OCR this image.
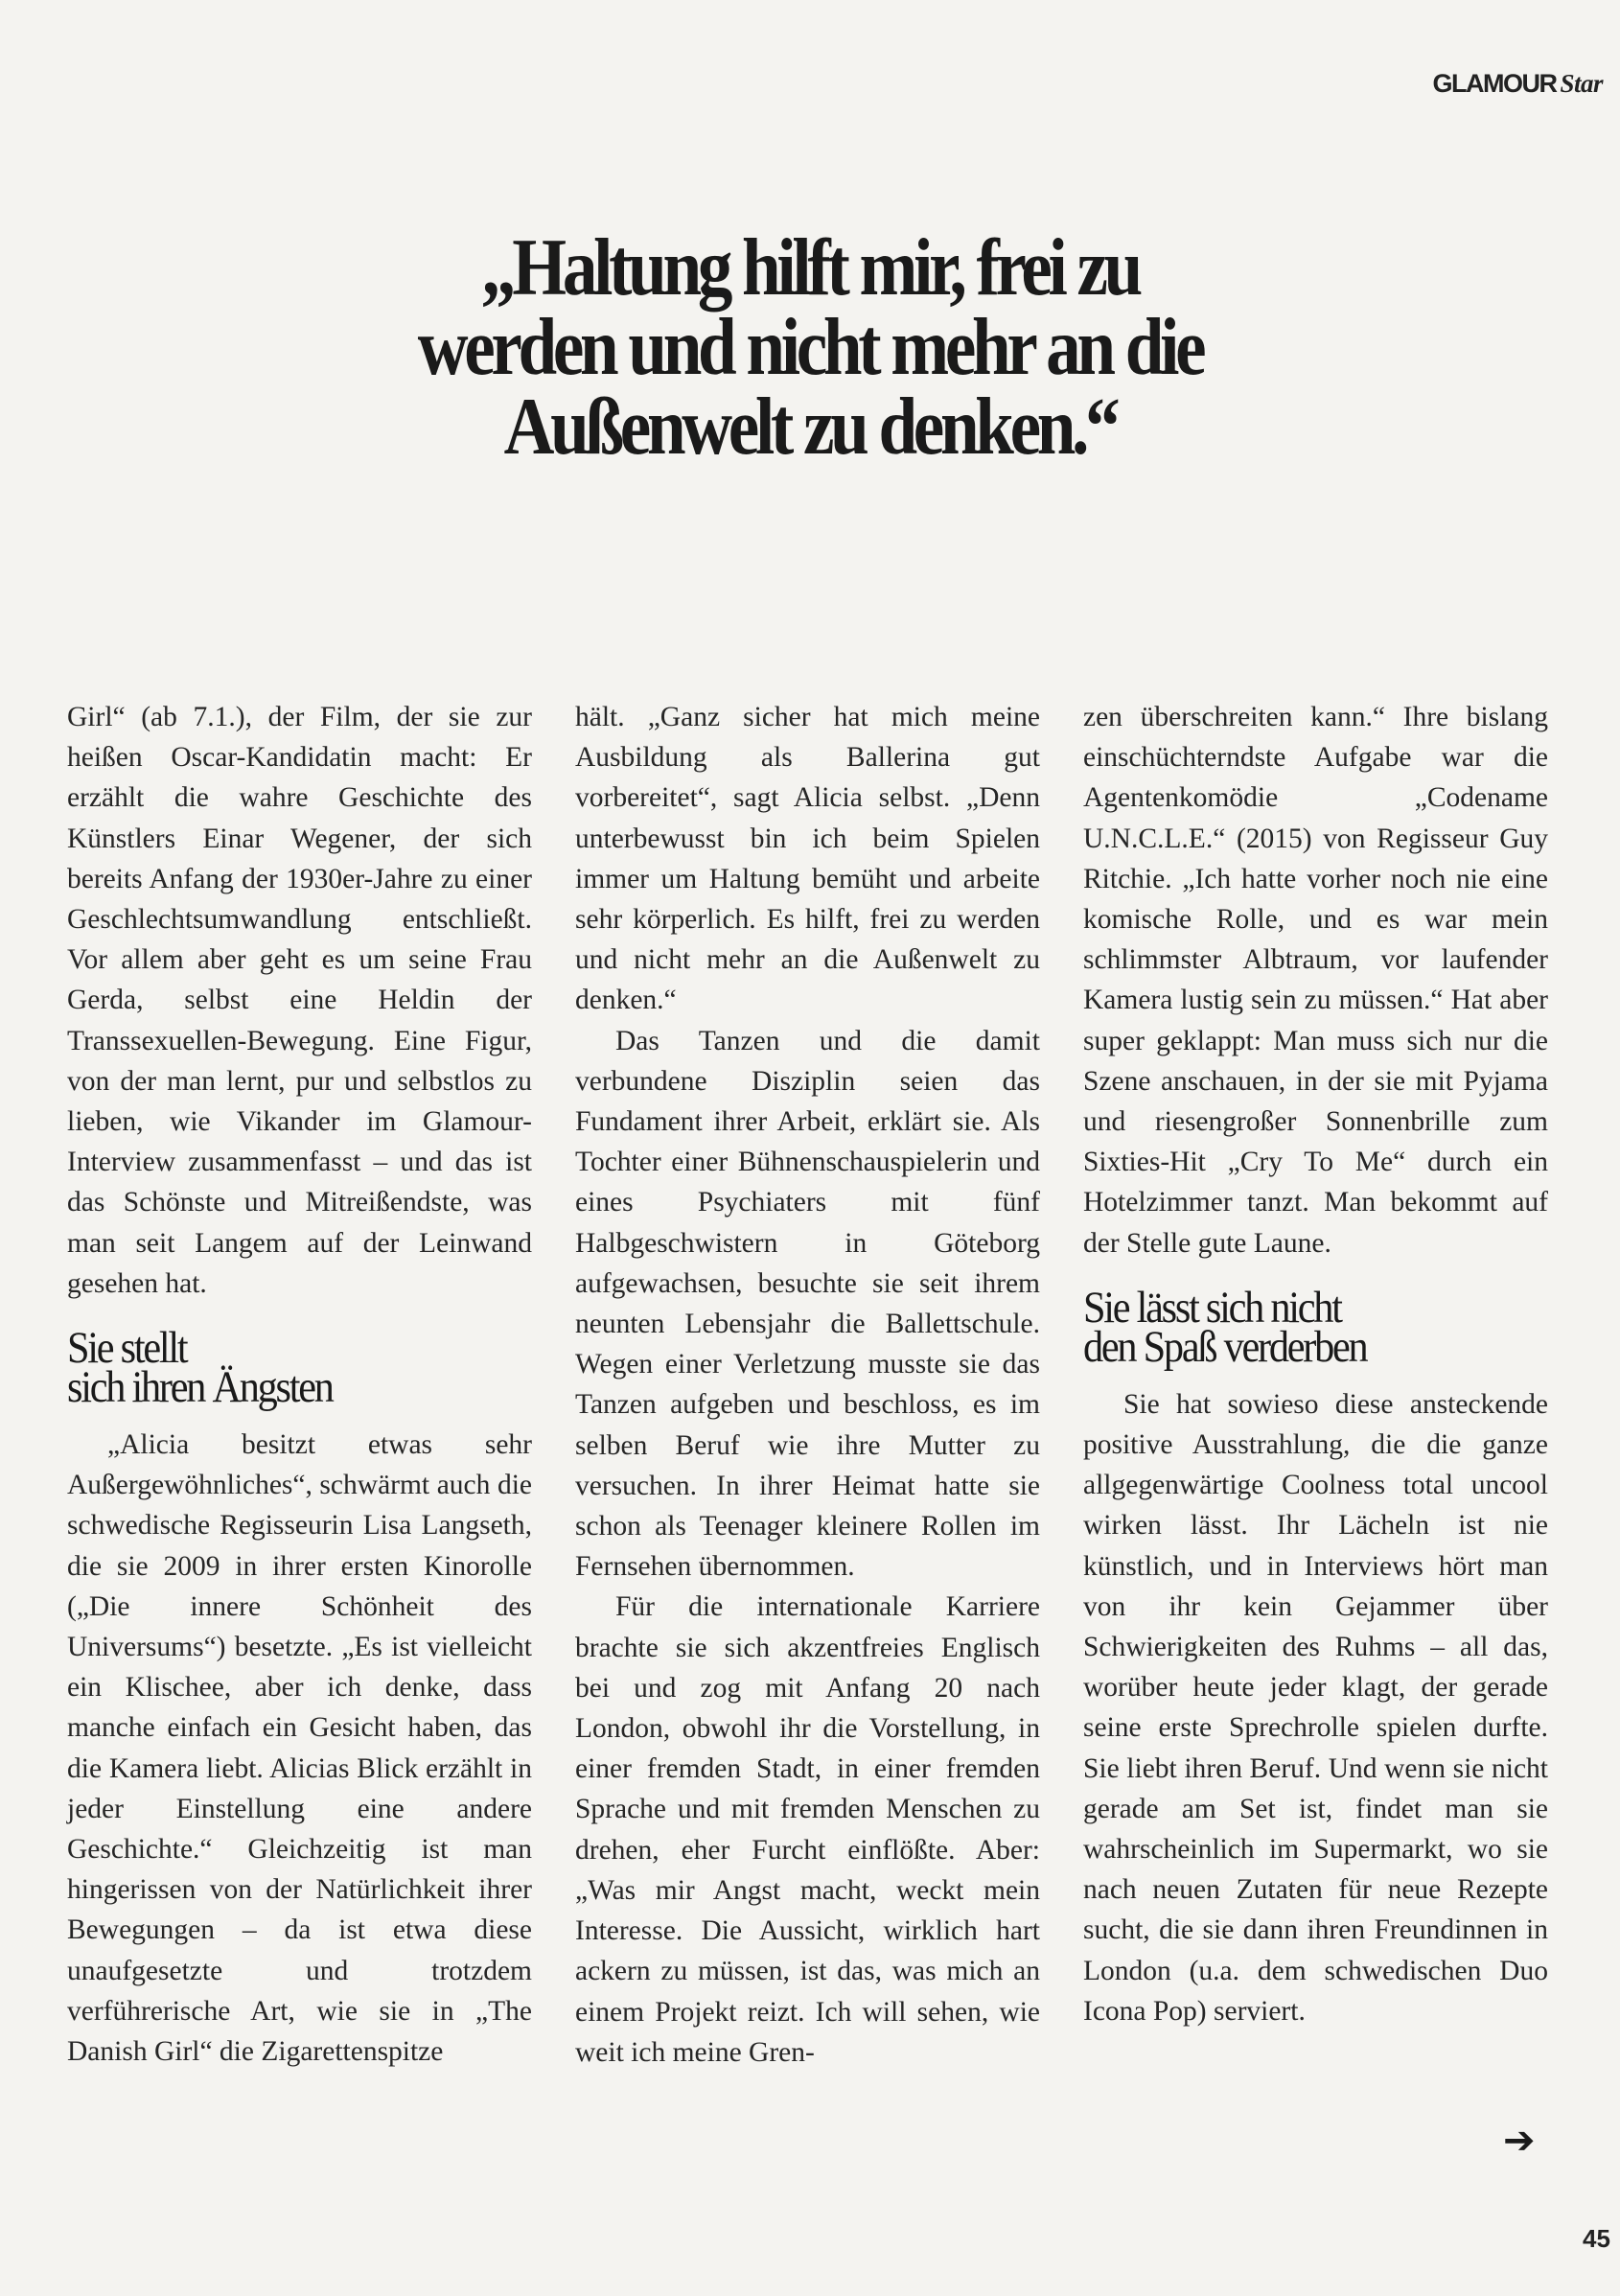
GLAMOUR Star
„Haltung hilft mir, frei zu
werden und nicht mehr an die
Außenwelt zu denken.“

Girl“ (ab 7.1.), der Film, der sie zur heißen Oscar-Kandidatin macht: Er erzählt die wahre Geschichte des Künstlers Einar Wegener, der sich bereits Anfang der 1930er-Jahre zu einer Geschlechtsumwandlung entschließt. Vor allem aber geht es um seine Frau Gerda, selbst eine Heldin der Transsexuellen-Bewegung. Eine Figur, von der man lernt, pur und selbstlos zu lieben, wie Vikander im Glamour-Interview zusammenfasst – und das ist das Schönste und Mitreißendste, was man seit Langem auf der Leinwand gesehen hat.

Sie stellt
sich ihren Ängsten

„Alicia besitzt etwas sehr Außergewöhnliches“, schwärmt auch die schwedische Regisseurin Lisa Langseth, die sie 2009 in ihrer ersten Kinorolle („Die innere Schönheit des Universums“) besetzte. „Es ist vielleicht ein Klischee, aber ich denke, dass manche einfach ein Gesicht haben, das die Kamera liebt. Alicias Blick erzählt in jeder Einstellung eine andere Geschichte.“ Gleichzeitig ist man hingerissen von der Natürlichkeit ihrer Bewegungen – da ist etwa diese unaufgesetzte und trotzdem verführerische Art, wie sie in „The Danish Girl“ die Zigarettenspitze

hält. „Ganz sicher hat mich meine Ausbildung als Ballerina gut vorbereitet“, sagt Alicia selbst. „Denn unterbewusst bin ich beim Spielen immer um Haltung bemüht und arbeite sehr körperlich. Es hilft, frei zu werden und nicht mehr an die Außenwelt zu denken.“

Das Tanzen und die damit verbundene Disziplin seien das Fundament ihrer Arbeit, erklärt sie. Als Tochter einer Bühnenschauspielerin und eines Psychiaters mit fünf Halbgeschwistern in Göteborg aufgewachsen, besuchte sie seit ihrem neunten Lebensjahr die Ballettschule. Wegen einer Verletzung musste sie das Tanzen aufgeben und beschloss, es im selben Beruf wie ihre Mutter zu versuchen. In ihrer Heimat hatte sie schon als Teenager kleinere Rollen im Fernsehen übernommen.

Für die internationale Karriere brachte sie sich akzentfreies Englisch bei und zog mit Anfang 20 nach London, obwohl ihr die Vorstellung, in einer fremden Stadt, in einer fremden Sprache und mit fremden Menschen zu drehen, eher Furcht einflößte. Aber: „Was mir Angst macht, weckt mein Interesse. Die Aussicht, wirklich hart ackern zu müssen, ist das, was mich an einem Projekt reizt. Ich will sehen, wie weit ich meine Gren-

zen überschreiten kann.“ Ihre bislang einschüchterndste Aufgabe war die Agentenkomödie „Codename U.N.C.L.E.“ (2015) von Regisseur Guy Ritchie. „Ich hatte vorher noch nie eine komische Rolle, und es war mein schlimmster Albtraum, vor laufender Kamera lustig sein zu müssen.“ Hat aber super geklappt: Man muss sich nur die Szene anschauen, in der sie mit Pyjama und riesengroßer Sonnenbrille zum Sixties-Hit „Cry To Me“ durch ein Hotelzimmer tanzt. Man bekommt auf der Stelle gute Laune.

Sie lässt sich nicht
den Spaß verderben

Sie hat sowieso diese ansteckende positive Ausstrahlung, die die ganze allgegenwärtige Coolness total uncool wirken lässt. Ihr Lächeln ist nie künstlich, und in Interviews hört man von ihr kein Gejammer über Schwierigkeiten des Ruhms – all das, worüber heute jeder klagt, der gerade seine erste Sprechrolle spielen durfte. Sie liebt ihren Beruf. Und wenn sie nicht gerade am Set ist, findet man sie wahrscheinlich im Supermarkt, wo sie nach neuen Zutaten für neue Rezepte sucht, die sie dann ihren Freundinnen in London (u.a. dem schwedischen Duo Icona Pop) serviert.

➔
45
